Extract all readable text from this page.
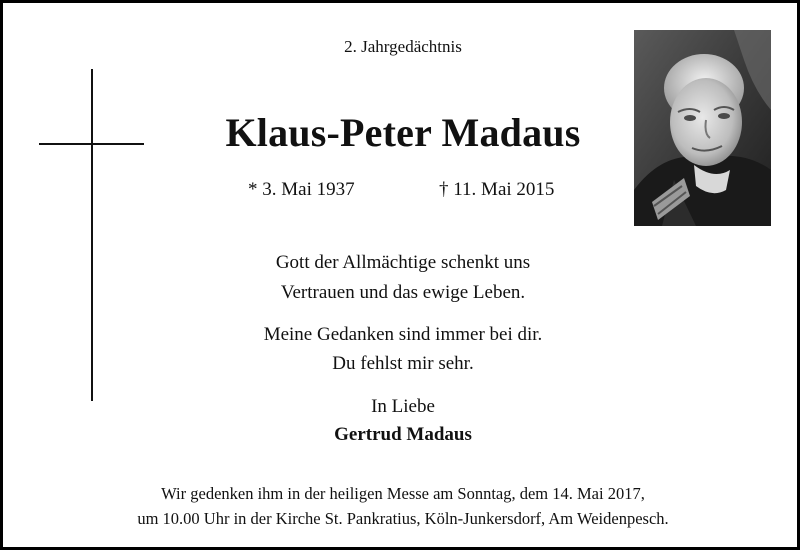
2. Jahrgedächtnis
Klaus-Peter Madaus
* 3. Mai 1937	† 11. Mai 2015
Gott der Allmächtige schenkt uns
Vertrauen und das ewige Leben.
Meine Gedanken sind immer bei dir.
Du fehlst mir sehr.
In Liebe
Gertrud Madaus
Wir gedenken ihm in der heiligen Messe am Sonntag, dem 14. Mai 2017,
um 10.00 Uhr in der Kirche St. Pankratius, Köln-Junkersdorf, Am Weidenpesch.
